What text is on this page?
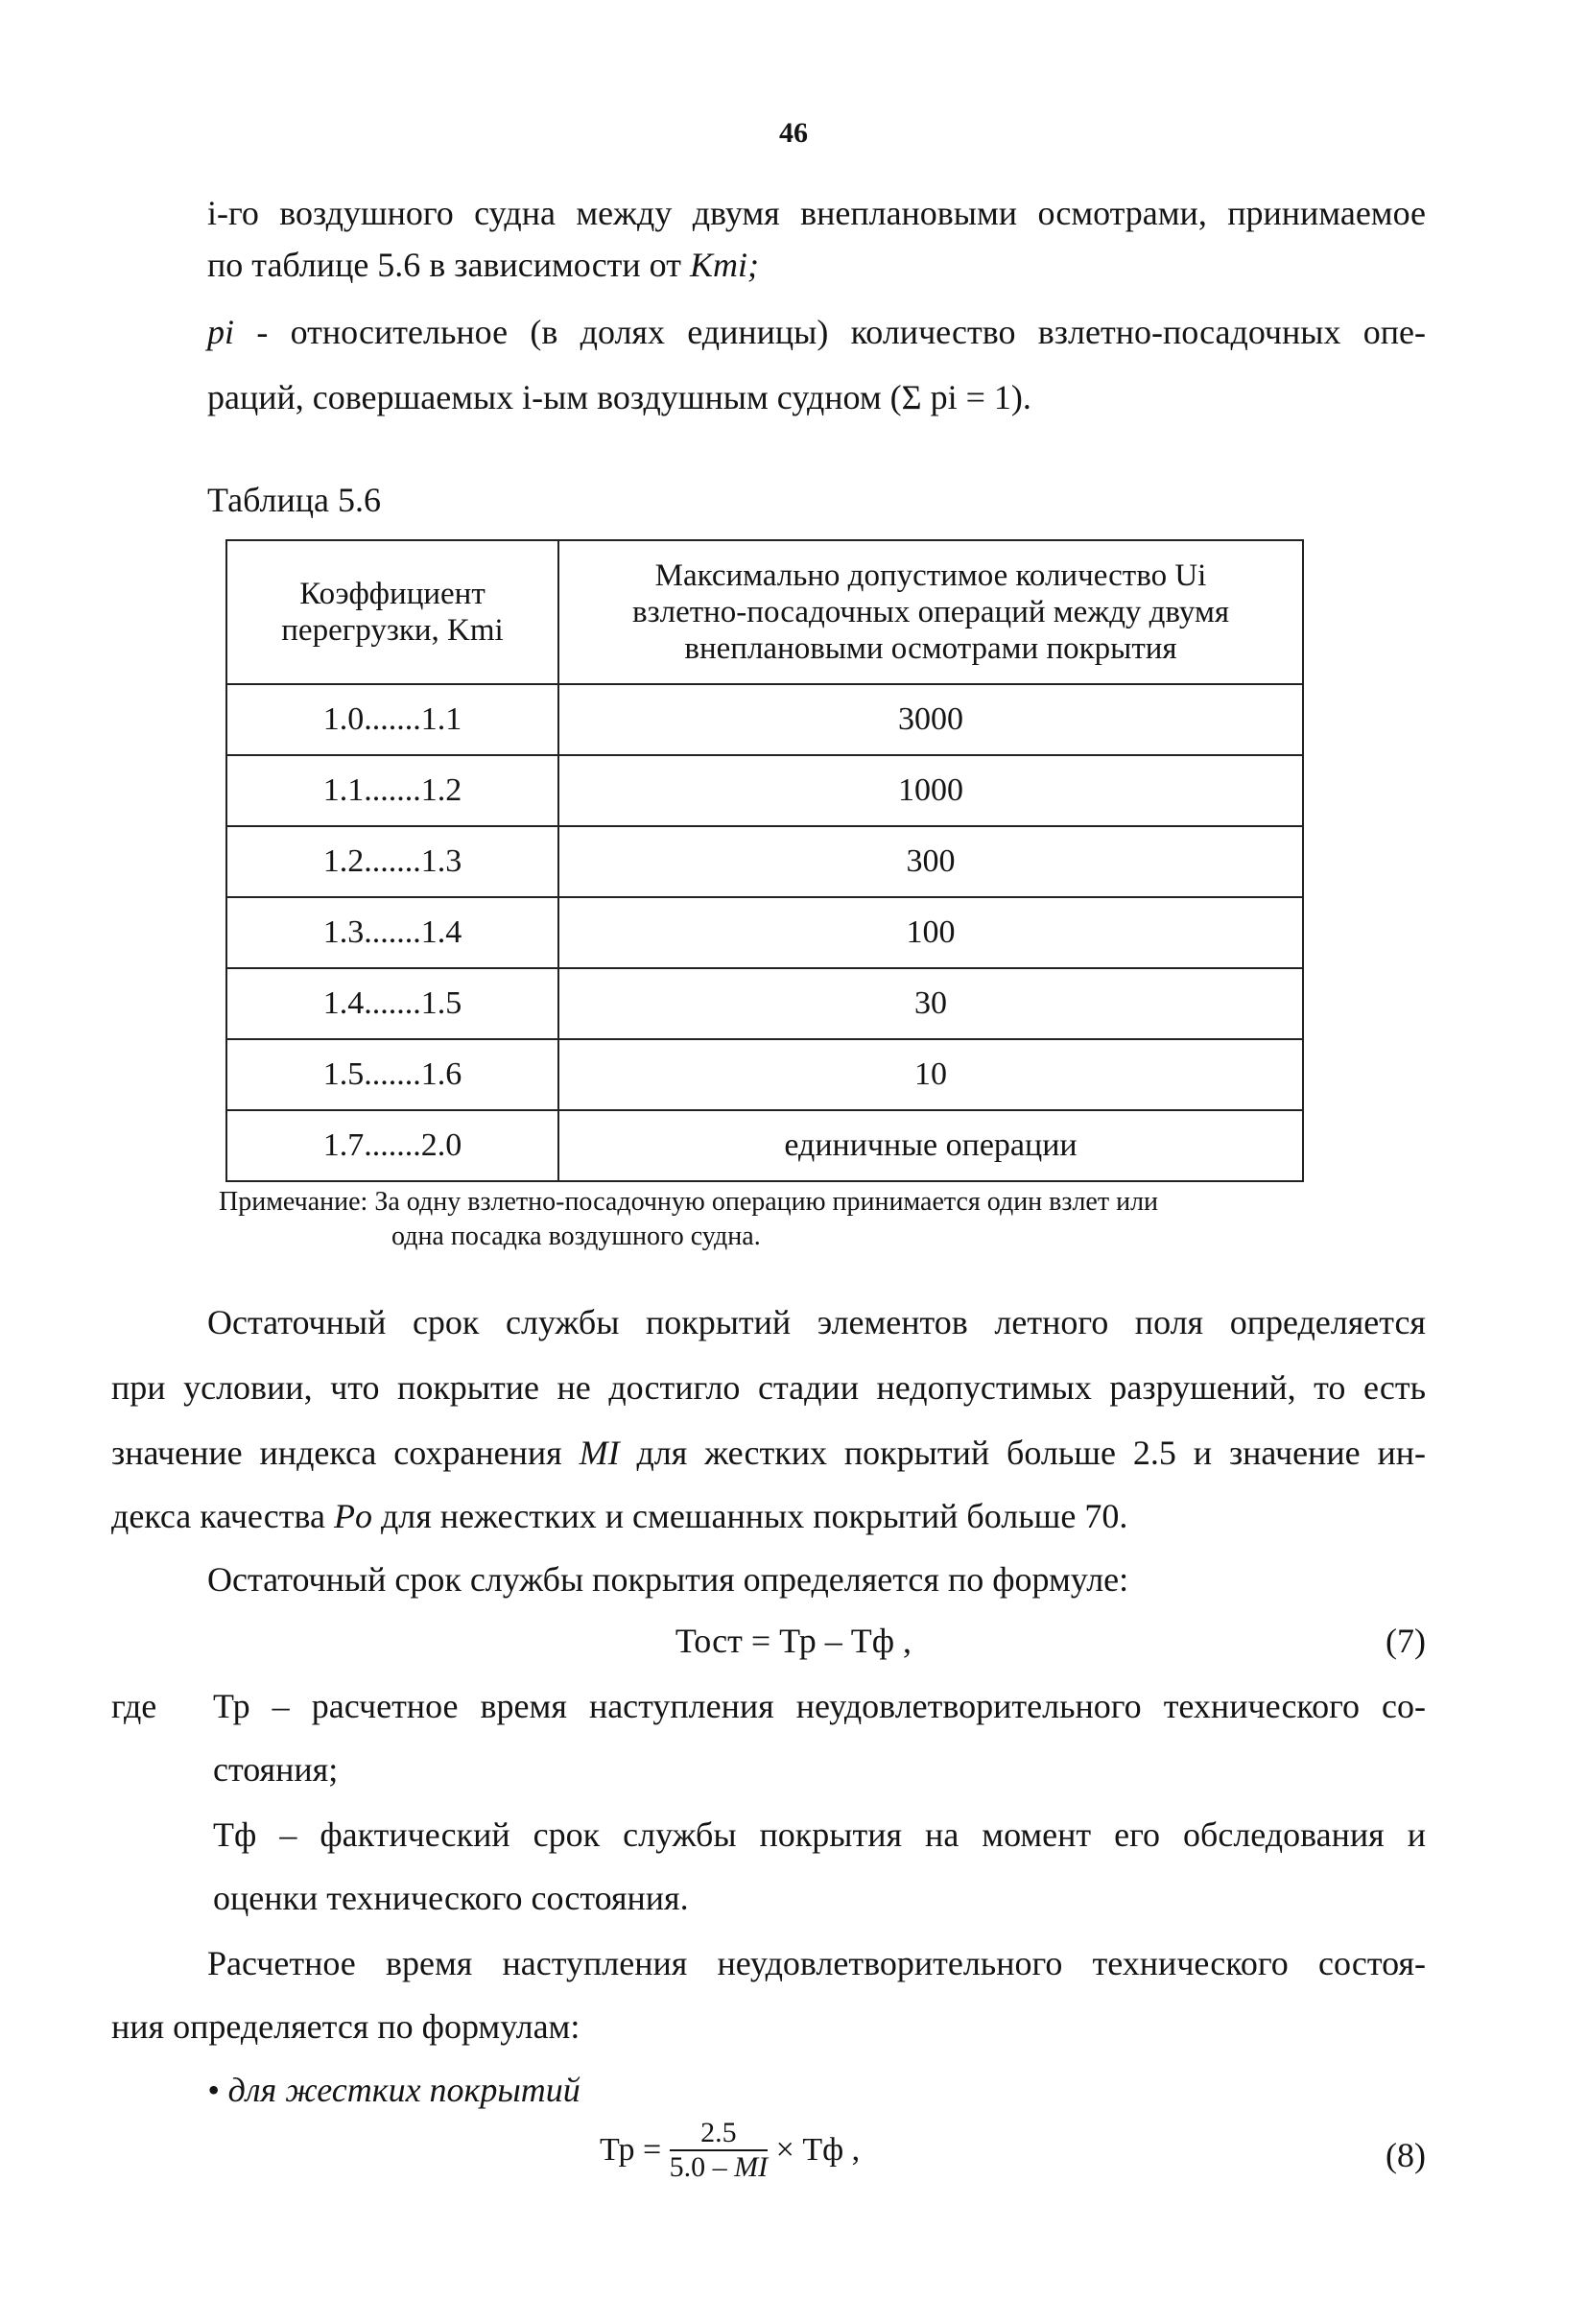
46
i-го воздушного судна между двумя внеплановыми осмотрами, принимаемое
по таблице 5.6 в зависимости от Kmi;
pi - относительное (в долях единицы) количество взлетно-посадочных опе-
раций, совершаемых i-ым воздушным судном (Σ pi = 1).
Таблица 5.6
Коэффициент
перегрузки, Kmi	Максимально допустимое количество Ui
взлетно-посадочных операций между двумя
внеплановыми осмотрами покрытия
1.0.......1.1	3000
1.1.......1.2	1000
1.2.......1.3	300
1.3.......1.4	100
1.4.......1.5	30
1.5.......1.6	10
1.7.......2.0	единичные операции
Примечание: За одну взлетно-посадочную операцию принимается один взлет или
одна посадка воздушного судна.
Остаточный срок службы покрытий элементов летного поля определяется
при условии, что покрытие не достигло стадии недопустимых разрушений, то есть
значение индекса сохранения MI для жестких покрытий больше 2.5 и значение ин-
декса качества Po для нежестких и смешанных покрытий больше 70.
Остаточный срок службы покрытия определяется по формуле:
Тост = Тр – Тф ,	(7)
где Тр – расчетное время наступления неудовлетворительного технического со-
стояния;
Тф – фактический срок службы покрытия на момент его обследования и
оценки технического состояния.
Расчетное время наступления неудовлетворительного технического состоя-
ния определяется по формулам:
• для жестких покрытий
Тр = $\frac{2.5}{5.0 - MI}$ × Тф ,	(8)
